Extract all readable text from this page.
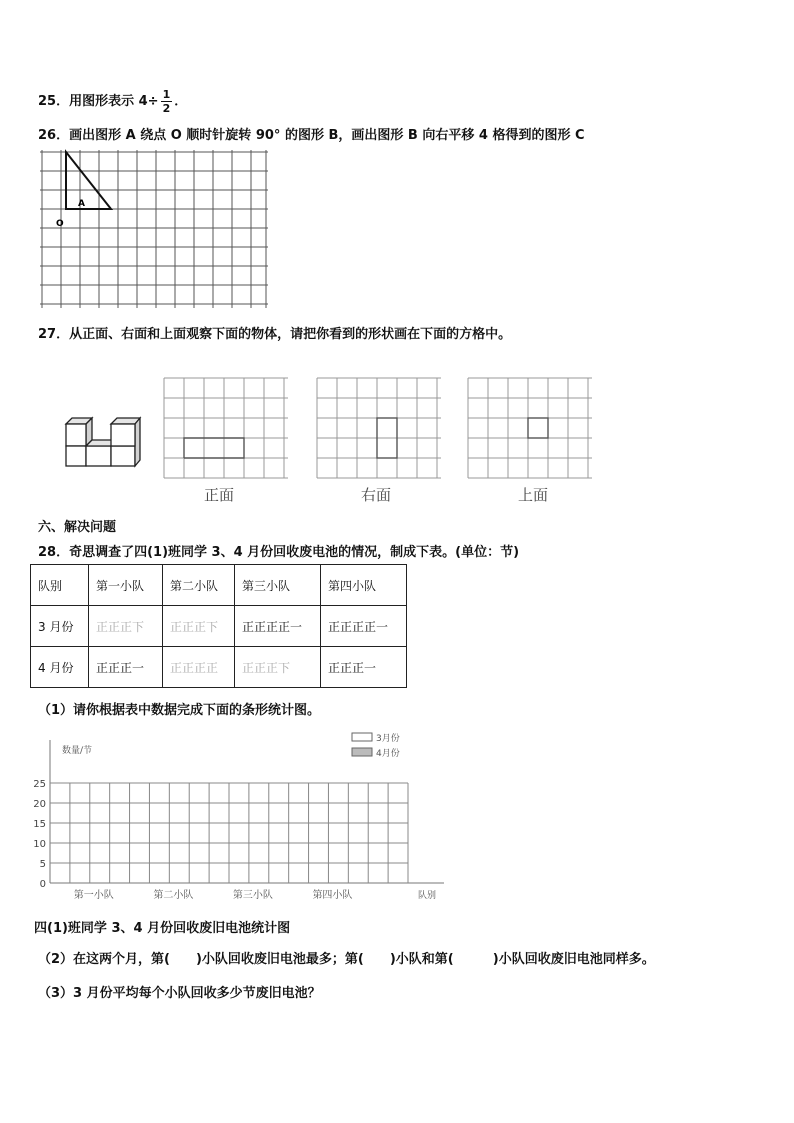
25．用图形表示 $4\div \frac{1}{2}$ ．
26．画出图形 A 绕点 O 顺时针旋转 90° 的图形 B，画出图形 B 向右平移 4 格得到的图形 C
A
O
27．从正面、右面和上面观察下面的物体，请把你看到的形状画在下面的方格中。
正面	右面	上面
六、解决问题
28．奇思调查了四(1)班同学 3、4 月份回收废电池的情况，制成下表。(单位：节)
队别	第一小队	第二小队	第三小队	第四小队
3 月份	正正正下	正正正下	正正正正一	正正正正一
4 月份	正正正一	正正正正	正正正下	正正正一
（1）请你根据表中数据完成下面的条形统计图。
3月份
4月份
数量/节
队别
0
5
10
15
20
25
第一小队	第二小队	第三小队	第四小队
四(1)班同学 3、4 月份回收废旧电池统计图
（2）在这两个月，第(　　)小队回收废旧电池最多；第(　　)小队和第(　　　)小队回收废旧电池同样多。
（3）3 月份平均每个小队回收多少节废旧电池？
